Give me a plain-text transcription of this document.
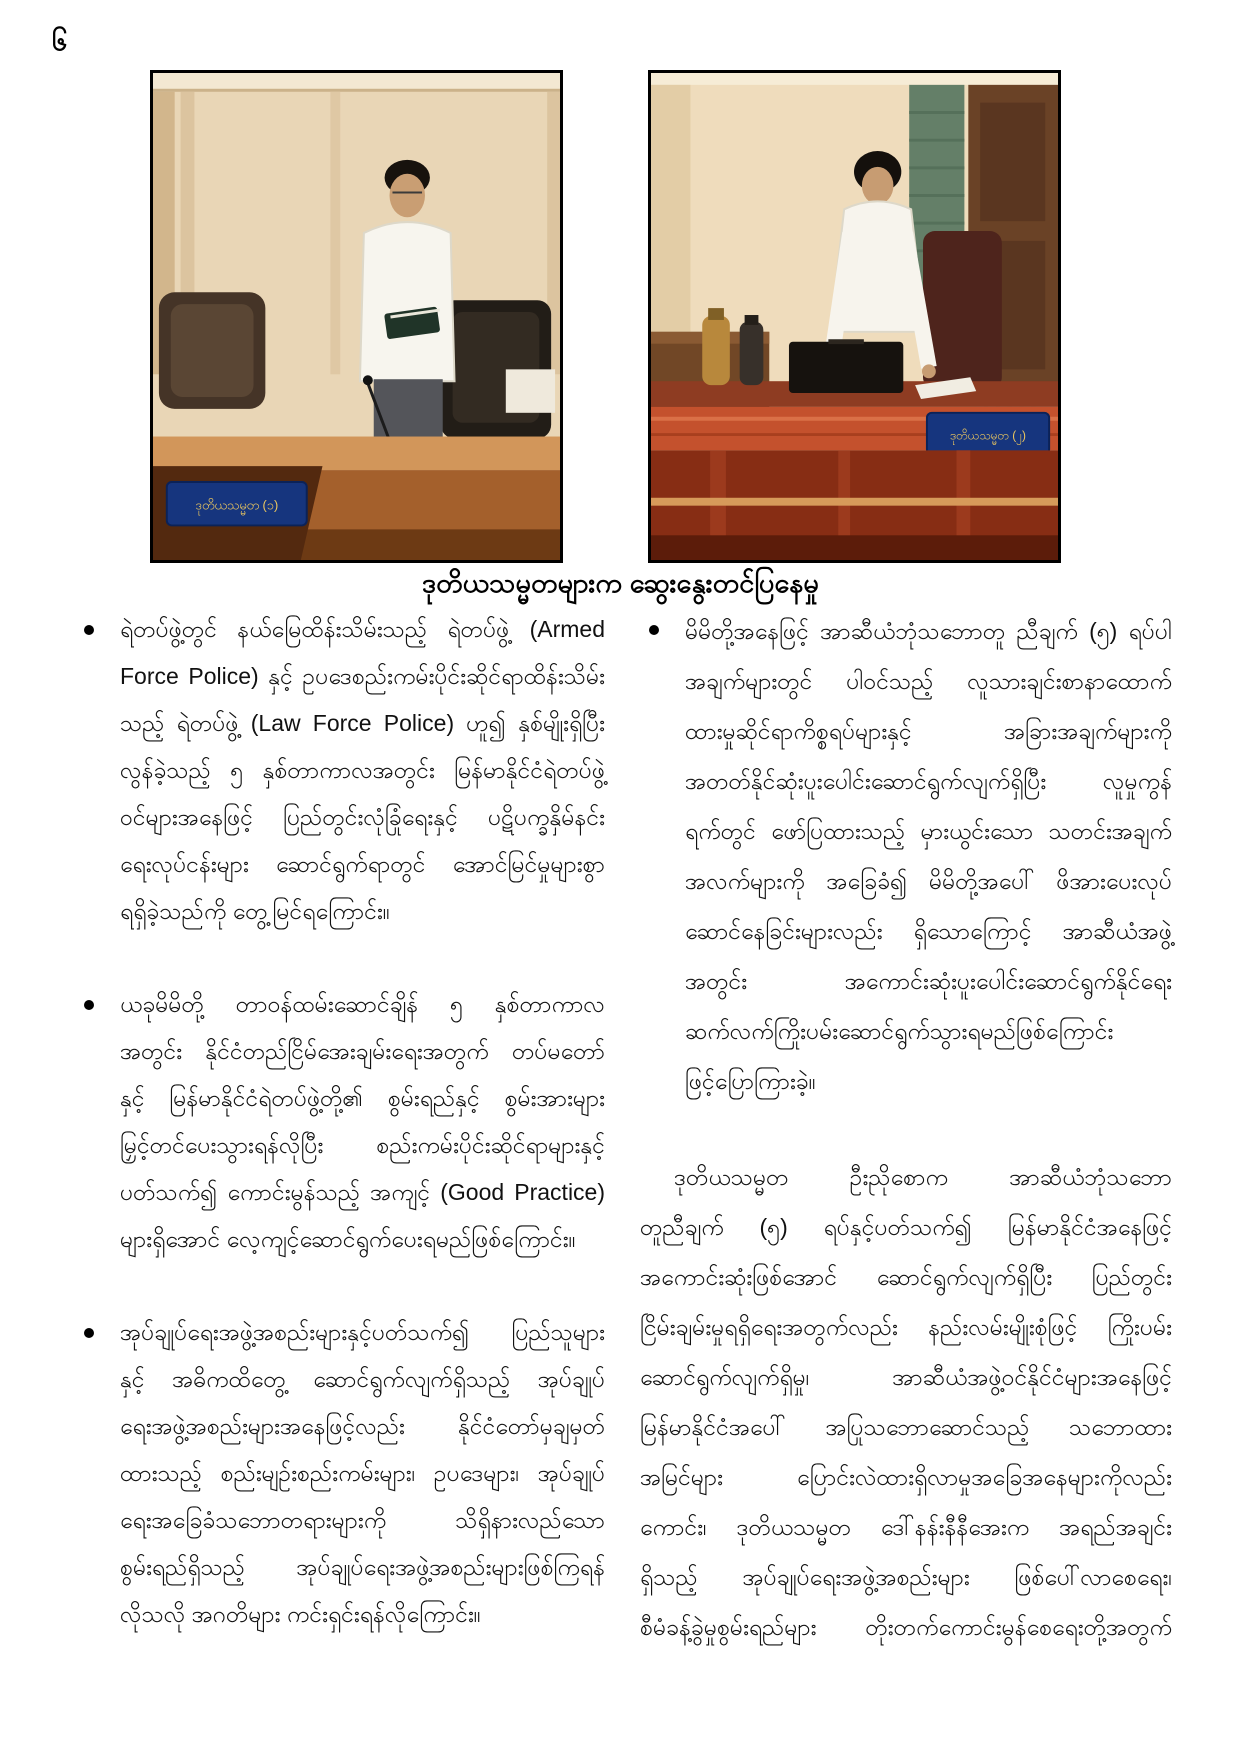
၆
ဒုတိယသမ္မတ (၁)
ဒုတိယသမ္မတ (၂)
ဒုတိယသမ္မတများက ဆွေးနွေးတင်ပြနေမှု
ရဲတပ်ဖွဲ့တွင် နယ်မြေထိန်းသိမ်းသည့် ရဲတပ်ဖွဲ့ (Armed
Force Police) နှင့် ဥပဒေစည်းကမ်းပိုင်းဆိုင်ရာထိန်းသိမ်း
သည့် ရဲတပ်ဖွဲ့ (Law Force Police) ဟူ၍ နှစ်မျိုးရှိပြီး
လွန်ခဲ့သည့် ၅ နှစ်တာကာလအတွင်း မြန်မာနိုင်ငံရဲတပ်ဖွဲ့
ဝင်များအနေဖြင့် ပြည်တွင်းလုံခြုံရေးနှင့် ပဋိပက္ခနှိမ်နင်း
ရေးလုပ်ငန်းများ ဆောင်ရွက်ရာတွင် အောင်မြင်မှုများစွာ
ရရှိခဲ့သည်ကို တွေ့မြင်ရကြောင်း။
ယခုမိမိတို့ တာဝန်ထမ်းဆောင်ချိန် ၅ နှစ်တာကာလ
အတွင်း နိုင်ငံတည်ငြိမ်အေးချမ်းရေးအတွက် တပ်မတော်
နှင့် မြန်မာနိုင်ငံရဲတပ်ဖွဲ့တို့၏ စွမ်းရည်နှင့် စွမ်းအားများ
မြှင့်တင်ပေးသွားရန်လိုပြီး စည်းကမ်းပိုင်းဆိုင်ရာများနှင့်
ပတ်သက်၍ ကောင်းမွန်သည့် အကျင့် (Good Practice)
များရှိအောင် လေ့ကျင့်ဆောင်ရွက်ပေးရမည်ဖြစ်ကြောင်း။
အုပ်ချုပ်ရေးအဖွဲ့အစည်းများနှင့်ပတ်သက်၍ ပြည်သူများ
နှင့် အဓိကထိတွေ့ ဆောင်ရွက်လျက်ရှိသည့် အုပ်ချုပ်
ရေးအဖွဲ့အစည်းများအနေဖြင့်လည်း နိုင်ငံတော်မှချမှတ်
ထားသည့် စည်းမျဉ်းစည်းကမ်းများ၊ ဥပဒေများ၊ အုပ်ချုပ်
ရေးအခြေခံသဘောတရားများကို သိရှိနားလည်သော
စွမ်းရည်ရှိသည့် အုပ်ချုပ်ရေးအဖွဲ့အစည်းများဖြစ်ကြရန်
လိုသလို အဂတိများ ကင်းရှင်းရန်လိုကြောင်း။
မိမိတို့အနေဖြင့် အာဆီယံဘုံသဘောတူ ညီချက် (၅) ရပ်ပါ
အချက်များတွင် ပါဝင်သည့် လူသားချင်းစာနာထောက်
ထားမှုဆိုင်ရာကိစ္စရပ်များနှင့် အခြားအချက်များကို
အတတ်နိုင်ဆုံးပူးပေါင်းဆောင်ရွက်လျက်ရှိပြီး လူမှုကွန်
ရက်တွင် ဖော်ပြထားသည့် မှားယွင်းသော သတင်းအချက်
အလက်များကို အခြေခံ၍ မိမိတို့အပေါ် ဖိအားပေးလုပ်
ဆောင်နေခြင်းများလည်း ရှိသောကြောင့် အာဆီယံအဖွဲ့
အတွင်း အကောင်းဆုံးပူးပေါင်းဆောင်ရွက်နိုင်ရေး
ဆက်လက်ကြိုးပမ်းဆောင်ရွက်သွားရမည်ဖြစ်ကြောင်း
ဖြင့်ပြောကြားခဲ့။
ဒုတိယသမ္မတ ဦးညိုစောက အာဆီယံဘုံသဘော
တူညီချက် (၅) ရပ်နှင့်ပတ်သက်၍ မြန်မာနိုင်ငံအနေဖြင့်
အကောင်းဆုံးဖြစ်အောင် ဆောင်ရွက်လျက်ရှိပြီး ပြည်တွင်း
ငြိမ်းချမ်းမှုရရှိရေးအတွက်လည်း နည်းလမ်းမျိုးစုံဖြင့် ကြိုးပမ်း
ဆောင်ရွက်လျက်ရှိမှု၊ အာဆီယံအဖွဲ့ဝင်နိုင်ငံများအနေဖြင့်
မြန်မာနိုင်ငံအပေါ် အပြုသဘောဆောင်သည့် သဘောထား
အမြင်များ ပြောင်းလဲထားရှိလာမှုအခြေအနေများကိုလည်း
ကောင်း၊ ဒုတိယသမ္မတ ဒေါ်နန်းနီနီအေးက အရည်အချင်း
ရှိသည့် အုပ်ချုပ်ရေးအဖွဲ့အစည်းများ ဖြစ်ပေါ်လာစေရေး၊
စီမံခန့်ခွဲမှုစွမ်းရည်များ တိုးတက်ကောင်းမွန်စေရေးတို့အတွက်
